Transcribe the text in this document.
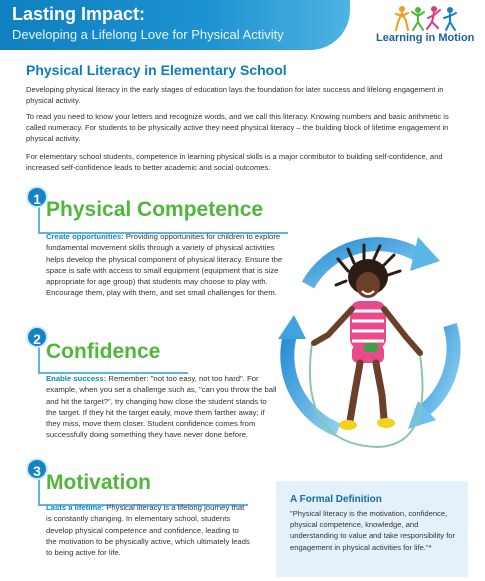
Lasting Impact:
Developing a Lifelong Love for Physical Activity	Learning in Motion
Physical Literacy in Elementary School
Developing physical literacy in the early stages of education lays the foundation for later success and lifelong engagement in physical activity.
To read you need to know your letters and recognize words, and we call this literacy. Knowing numbers and basic arithmetic is called numeracy. For students to be physically active they need physical literacy – the building block of lifetime engagement in physical activity.
For elementary school students, competence in learning physical skills is a major contributor to building self-confidence, and increased self-confidence leads to better academic and social outcomes.
1 Physical Competence
Create opportunities: Providing opportunities for children to explore fundamental movement skills through a variety of physical activities helps develop the physical component of physical literacy. Ensure the space is safe with access to small equipment (equipment that is size appropriate for age group) that students may choose to play with. Encourage them, play with them, and set small challenges for them.
2
Confidence
Enable success: Remember: "not too easy, not too hard". For example, when you set a challenge such as, "can you throw the ball and hit the target?", try changing how close the student stands to the target. If they hit the target easily, move them farther away; if they miss, move them closer. Student confidence comes from successfully doing something they have never done before.
3 Motivation
Lasts a lifetime: Physical literacy is a lifelong journey that is constantly changing. In elementary school, students develop physical competence and confidence, leading to the motivation to be physically active, which ultimately leads to being active for life.
A Formal Definition
"Physical literacy is the motivation, confidence, physical competence, knowledge, and understanding to value and take responsibility for engagement in physical activities for life."*
